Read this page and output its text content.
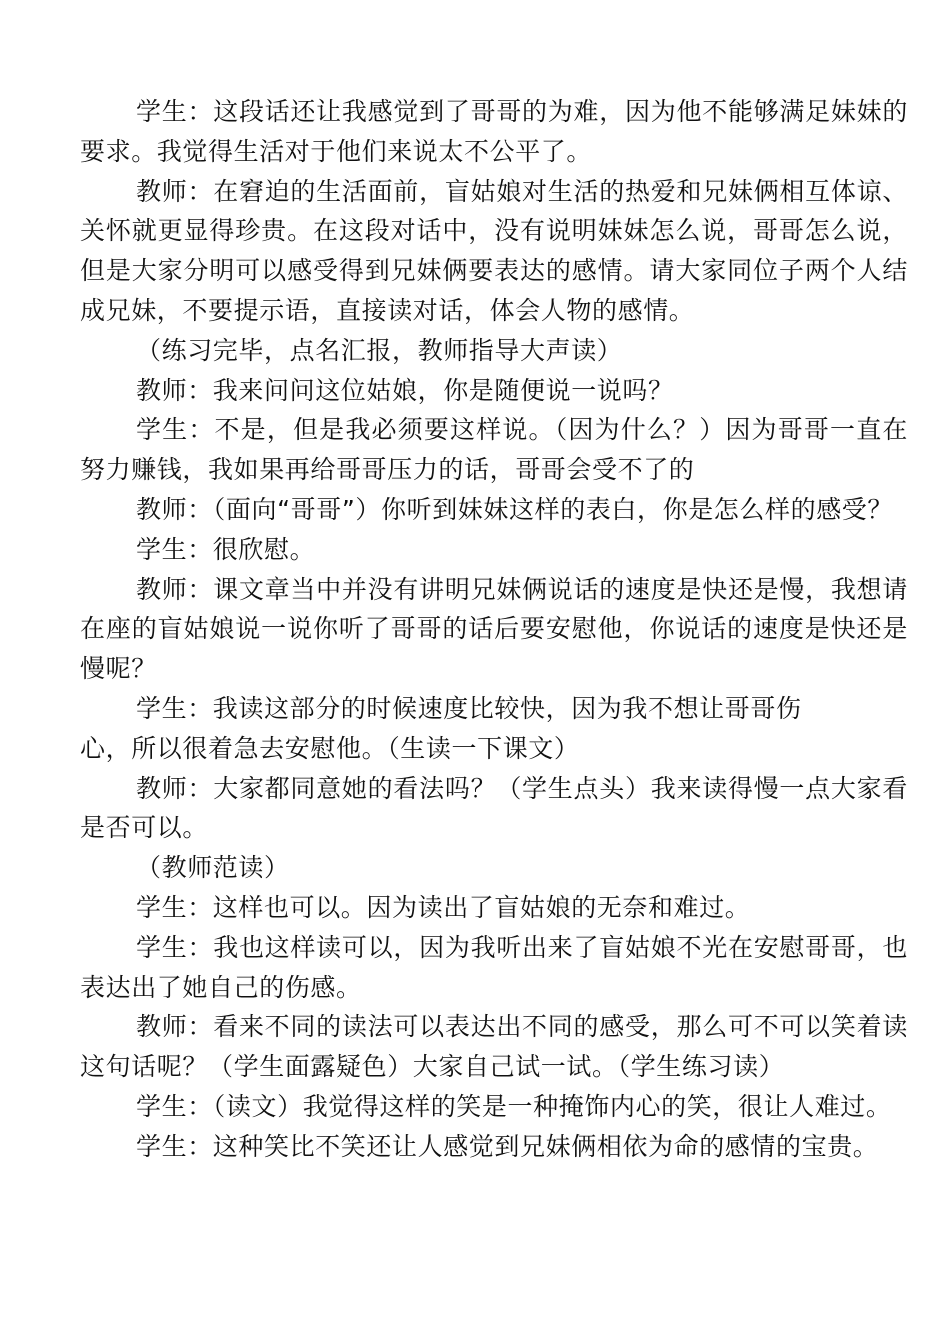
学生：这段话还让我感觉到了哥哥的为难，因为他不能够满足妹妹的要求。我觉得生活对于他们来说太不公平了。

教师：在窘迫的生活面前，盲姑娘对生活的热爱和兄妹俩相互体谅、关怀就更显得珍贵。在这段对话中，没有说明妹妹怎么说，哥哥怎么说，但是大家分明可以感受得到兄妹俩要表达的感情。请大家同位子两个人结成兄妹，不要提示语，直接读对话，体会人物的感情。

（练习完毕，点名汇报，教师指导大声读）

教师：我来问问这位姑娘，你是随便说一说吗？

学生：不是，但是我必须要这样说。（因为什么？）因为哥哥一直在努力赚钱，我如果再给哥哥压力的话，哥哥会受不了的

教师：（面向“哥哥”）你听到妹妹这样的表白，你是怎么样的感受？

学生：很欣慰。

教师：课文章当中并没有讲明兄妹俩说话的速度是快还是慢，我想请在座的盲姑娘说一说你听了哥哥的话后要安慰他，你说话的速度是快还是慢呢？

学生：我读这部分的时候速度比较快，因为我不想让哥哥伤

心，所以很着急去安慰他。（生读一下课文）

教师：大家都同意她的看法吗？（学生点头）我来读得慢一点大家看是否可以。

（教师范读）

学生：这样也可以。因为读出了盲姑娘的无奈和难过。

学生：我也这样读可以，因为我听出来了盲姑娘不光在安慰哥哥，也表达出了她自己的伤感。

教师：看来不同的读法可以表达出不同的感受，那么可不可以笑着读这句话呢？（学生面露疑色）大家自己试一试。（学生练习读）

学生：（读文）我觉得这样的笑是一种掩饰内心的笑，很让人难过。

学生：这种笑比不笑还让人感觉到兄妹俩相依为命的感情的宝贵。
